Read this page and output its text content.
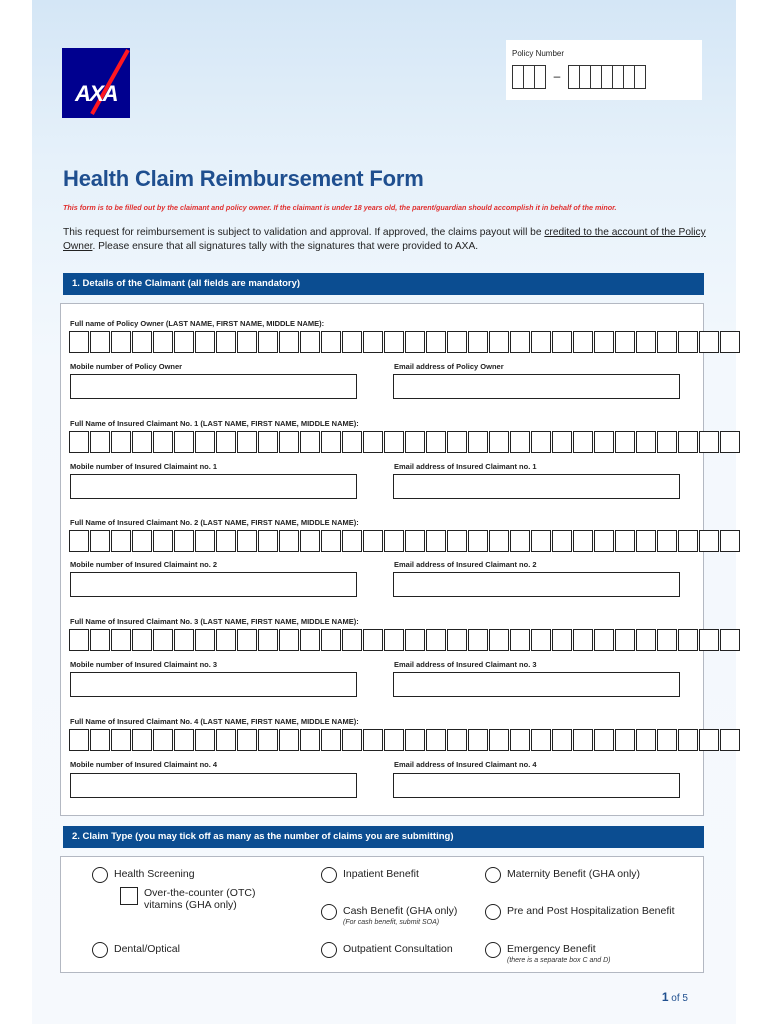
AXA
Policy Number
–
Health Claim Reimbursement Form
This form is to be filled out by the claimant and policy owner. If the claimant is under 18 years old, the parent/guardian should accomplish it in behalf of the minor.
This request for reimbursement is subject to validation and approval. If approved, the claims payout will be credited to the account of the Policy Owner. Please ensure that all signatures tally with the signatures that were provided to AXA.
1. Details of the Claimant (all fields are mandatory)
Full name of Policy Owner (LAST NAME, FIRST NAME, MIDDLE NAME):
Mobile number of Policy Owner	Email address of Policy Owner
Full Name of Insured Claimant No. 1 (LAST NAME, FIRST NAME, MIDDLE NAME):
Mobile number of Insured Claimaint no. 1	Email address of Insured Claimant no. 1
Full Name of Insured Claimant No. 2 (LAST NAME, FIRST NAME, MIDDLE NAME):
Mobile number of Insured Claimaint no. 2	Email address of Insured Claimant no. 2
Full Name of Insured Claimant No. 3 (LAST NAME, FIRST NAME, MIDDLE NAME):
Mobile number of Insured Claimaint no. 3	Email address of Insured Claimant no. 3
Full Name of Insured Claimant No. 4 (LAST NAME, FIRST NAME, MIDDLE NAME):
Mobile number of Insured Claimaint no. 4	Email address of Insured Claimant no. 4
2. Claim Type (you may tick off as many as the number of claims you are submitting)
Health Screening
Over-the-counter (OTC) vitamins (GHA only)
Dental/Optical
Inpatient Benefit
Cash Benefit (GHA only)
(For cash benefit, submit SOA)
Outpatient Consultation
Maternity Benefit (GHA only)
Pre and Post Hospitalization Benefit
Emergency Benefit
(there is a separate box C and D)
1 of 5
